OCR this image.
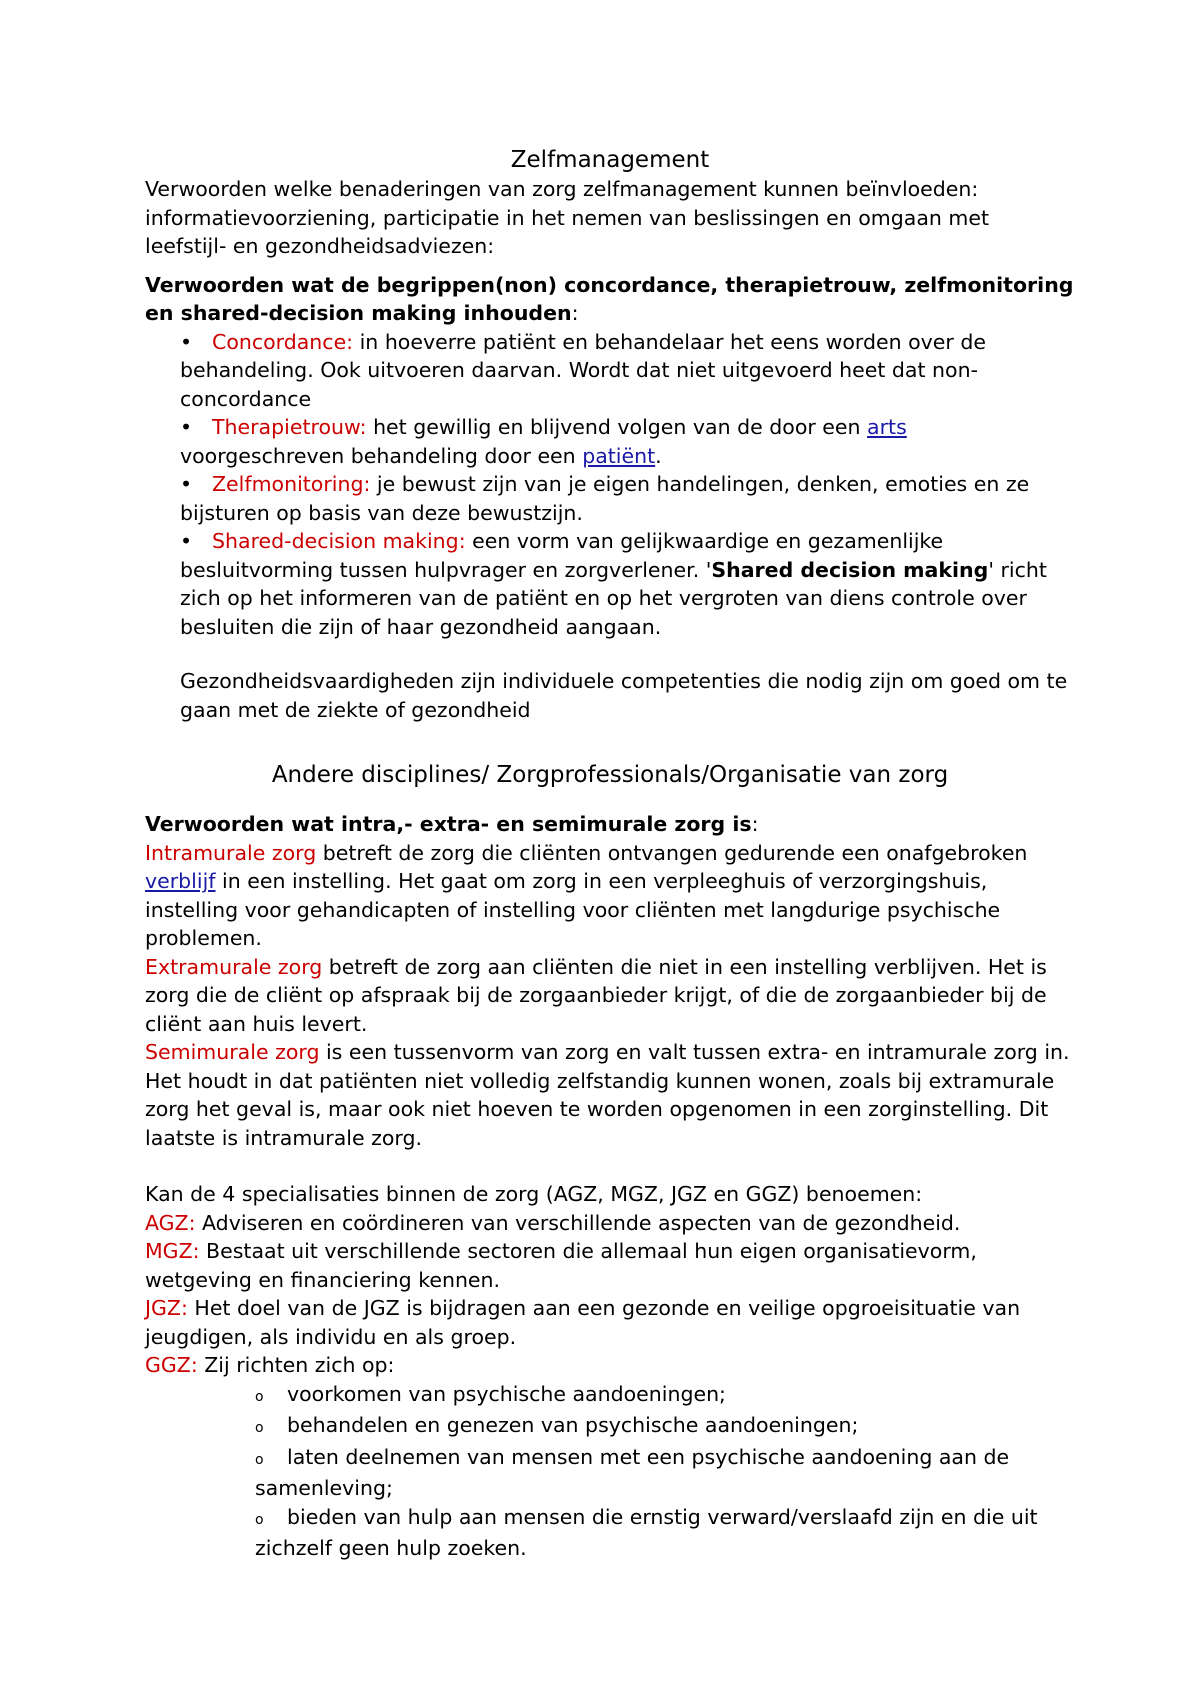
Zelfmanagement

Verwoorden welke benaderingen van zorg zelfmanagement kunnen beïnvloeden: informatievoorziening, participatie in het nemen van beslissingen en omgaan met leefstijl- en gezondheidsadviezen:

Verwoorden wat de begrippen(non) concordance, therapietrouw, zelfmonitoring en shared-decision making inhouden:

• Concordance: in hoeverre patiënt en behandelaar het eens worden over de behandeling. Ook uitvoeren daarvan. Wordt dat niet uitgevoerd heet dat non-concordance
• Therapietrouw: het gewillig en blijvend volgen van de door een arts voorgeschreven behandeling door een patiënt.
• Zelfmonitoring: je bewust zijn van je eigen handelingen, denken, emoties en ze bijsturen op basis van deze bewustzijn.
• Shared-decision making: een vorm van gelijkwaardige en gezamenlijke besluitvorming tussen hulpvrager en zorgverlener. 'Shared decision making' richt zich op het informeren van de patiënt en op het vergroten van diens controle over besluiten die zijn of haar gezondheid aangaan.

Gezondheidsvaardigheden zijn individuele competenties die nodig zijn om goed om te gaan met de ziekte of gezondheid

Andere disciplines/ Zorgprofessionals/Organisatie van zorg

Verwoorden wat intra,- extra- en semimurale zorg is:

Intramurale zorg betreft de zorg die cliënten ontvangen gedurende een onafgebroken verblijf in een instelling. Het gaat om zorg in een verpleeghuis of verzorgingshuis, instelling voor gehandicapten of instelling voor cliënten met langdurige psychische problemen.

Extramurale zorg betreft de zorg aan cliënten die niet in een instelling verblijven. Het is zorg die de cliënt op afspraak bij de zorgaanbieder krijgt, of die de zorgaanbieder bij de cliënt aan huis levert.

Semimurale zorg is een tussenvorm van zorg en valt tussen extra- en intramurale zorg in. Het houdt in dat patiënten niet volledig zelfstandig kunnen wonen, zoals bij extramurale zorg het geval is, maar ook niet hoeven te worden opgenomen in een zorginstelling. Dit laatste is intramurale zorg.

Kan de 4 specialisaties binnen de zorg (AGZ, MGZ, JGZ en GGZ) benoemen:

AGZ: Adviseren en coördineren van verschillende aspecten van de gezondheid.

MGZ: Bestaat uit verschillende sectoren die allemaal hun eigen organisatievorm, wetgeving en financiering kennen.

JGZ: Het doel van de JGZ is bijdragen aan een gezonde en veilige opgroeisituatie van jeugdigen, als individu en als groep.

GGZ: Zij richten zich op:

o voorkomen van psychische aandoeningen;
o behandelen en genezen van psychische aandoeningen;
o laten deelnemen van mensen met een psychische aandoening aan de samenleving;
o bieden van hulp aan mensen die ernstig verward/verslaafd zijn en die uit zichzelf geen hulp zoeken.
